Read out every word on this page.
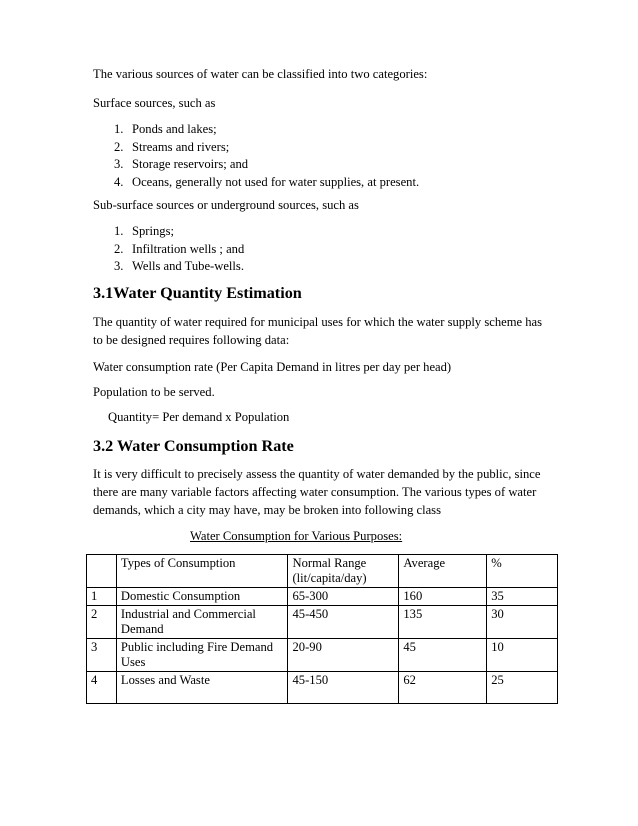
The various sources of water can be classified into two categories:

Surface sources, such as

1. Ponds and lakes;
2. Streams and rivers;
3. Storage reservoirs; and
4. Oceans, generally not used for water supplies, at present.

Sub-surface sources or underground sources, such as

1. Springs;
2. Infiltration wells ; and
3. Wells and Tube-wells.
3.1Water Quantity Estimation

The quantity of water required for municipal uses for which the water supply scheme has to be designed requires following data:

Water consumption rate (Per Capita Demand in litres per day per head)

Population to be served.

Quantity= Per demand x Population
3.2 Water Consumption Rate

It is very difficult to precisely assess the quantity of water demanded by the public, since there are many variable factors affecting water consumption. The various types of water demands, which a city may have, may be broken into following class

Water Consumption for Various Purposes:
	Types of Consumption	Normal Range (lit/capita/day)	Average	%
1	Domestic Consumption	65-300	160	35
2	Industrial and Commercial Demand	45-450	135	30
3	Public including Fire Demand Uses	20-90	45	10
4	Losses and Waste	45-150	62	25
